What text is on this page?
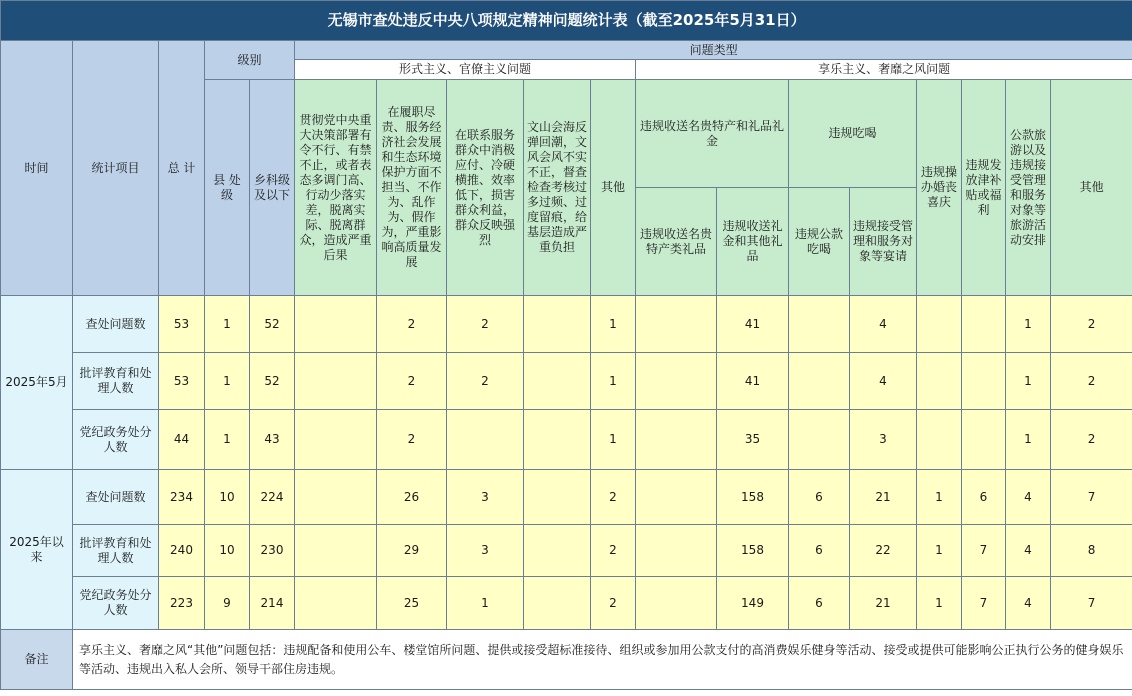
无锡市查处违反中央八项规定精神问题统计表（截至2025年5月31日）																	
时间	统计项目	总 计	级别		问题类型												
					形式主义、官僚主义问题					享乐主义、奢靡之风问题							
			县 处 级	乡科级及以下	贯彻党中央重大决策部署有令不行、有禁不止，或者表态多调门高、行动少落实差，脱离实际、脱离群众，造成严重后果	在履职尽责、服务经济社会发展和生态环境保护方面不担当、不作为、乱作为、假作为，严重影响高质量发展	在联系服务群众中消极应付、冷硬横推、效率低下，损害群众利益，群众反映强烈	文山会海反弹回潮，文风会风不实不正，督查检查考核过多过频、过度留痕，给基层造成严重负担	其他	违规收送名贵特产和礼品礼金		违规吃喝		违规操办婚丧喜庆	违规发放津补贴或福利	公款旅游以及违规接受管理和服务对象等旅游活动安排	其他
										违规收送名贵特产类礼品	违规收送礼金和其他礼品	违规公款吃喝	违规接受管理和服务对象等宴请				

2025年5月	查处问题数	53	1	52		2	2		1		41		4			1	2
	批评教育和处理人数	53	1	52		2	2		1		41		4			1	2
	党纪政务处分人数	44	1	43		2			1		35		3			1	2
2025年以来	查处问题数	234	10	224		26	3		2		158	6	21	1	6	4	7
	批评教育和处理人数	240	10	230		29	3		2		158	6	22	1	7	4	8
	党纪政务处分人数	223	9	214		25	1		2		149	6	21	1	7	4	7
备注	享乐主义、奢靡之风“其他”问题包括：违规配备和使用公车、楼堂馆所问题、提供或接受超标准接待、组织或参加用公款支付的高消费娱乐健身等活动、接受或提供可能影响公正执行公务的健身娱乐等活动、违规出入私人会所、领导干部住房违规。																
